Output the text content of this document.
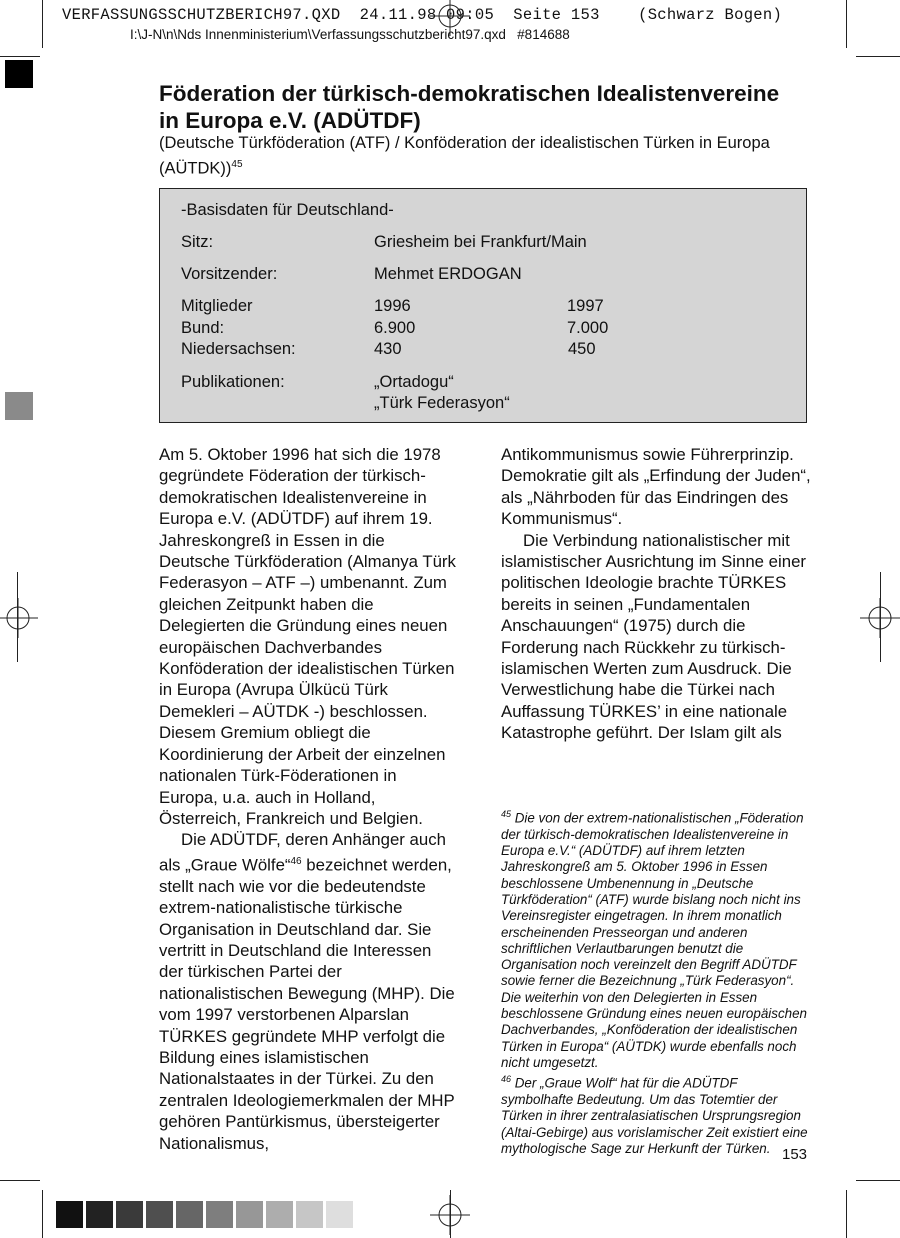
VERFASSUNGSSCHUTZBERICH97.QXD  24.11.98 09:05  Seite 153    (Schwarz Bogen)
I:\J-N\n\Nds Innenministerium\Verfassungsschutzbericht97.qxd   #814688
Föderation der türkisch-demokratischen Idealistenvereine
in Europa e.V. (ADÜTDF)
(Deutsche Türkföderation (ATF) / Konföderation der idealistischen Türken in Europa
(AÜTDK))$^{45}$
-Basisdaten für Deutschland-
Sitz:	Griesheim bei Frankfurt/Main
Vorsitzender:	Mehmet ERDOGAN
Mitglieder	1996	1997
Bund:	6.900	7.000
Niedersachsen:	430	450
Publikationen:	„Ortadogu“
„Türk Federasyon“

Am 5. Oktober 1996 hat sich die 1978 gegründete Föderation der türkisch-demokratischen Idealistenvereine in Europa e.V. (ADÜTDF) auf ihrem 19. Jahreskongreß in Essen in die Deutsche Türkföderation (Almanya Türk Federasyon – ATF –) umbenannt. Zum gleichen Zeitpunkt haben die Delegierten die Gründung eines neuen europäischen Dachverbandes Konföderation der idealistischen Türken in Europa (Avrupa Ülkücü Türk Demekleri – AÜTDK -) beschlossen. Diesem Gremium obliegt die Koordinierung der Arbeit der einzelnen nationalen Türk-Föderationen in Europa, u.a. auch in Holland, Österreich, Frankreich und Belgien.

Die ADÜTDF, deren Anhänger auch als „Graue Wölfe“$^{46}$ bezeichnet werden, stellt nach wie vor die bedeutendste extrem-nationalistische türkische Organisation in Deutschland dar. Sie vertritt in Deutschland die Interessen der türkischen Partei der nationalistischen Bewegung (MHP). Die vom 1997 verstorbenen Alparslan TÜRKES gegründete MHP verfolgt die Bildung eines islamistischen Nationalstaates in der Türkei. Zu den zentralen Ideologiemerkmalen der MHP gehören Pantürkismus, übersteigerter Nationalismus,

Antikommunismus sowie Führerprinzip. Demokratie gilt als „Erfindung der Juden“, als „Nährboden für das Eindringen des Kommunismus“.

Die Verbindung nationalistischer mit islamistischer Ausrichtung im Sinne einer politischen Ideologie brachte TÜRKES bereits in seinen „Fundamentalen Anschauungen“ (1975) durch die Forderung nach Rückkehr zu türkisch-islamischen Werten zum Ausdruck. Die Verwestlichung habe die Türkei nach Auffassung TÜRKES’ in eine nationale Katastrophe geführt. Der Islam gilt als

$^{45}$ Die von der extrem-nationalistischen „Föderation der türkisch-demokratischen Idealistenvereine in Europa e.V.“ (ADÜTDF) auf ihrem letzten Jahreskongreß am 5. Oktober 1996 in Essen beschlossene Umbenennung in „Deutsche Türkföderation“ (ATF) wurde bislang noch nicht ins Vereinsregister eingetragen. In ihrem monatlich erscheinenden Presseorgan und anderen schriftlichen Verlautbarungen benutzt die Organisation noch vereinzelt den Begriff ADÜTDF sowie ferner die Bezeichnung „Türk Federasyon“. Die weiterhin von den Delegierten in Essen beschlossene Gründung eines neuen europäischen Dachverbandes, „Konföderation der idealistischen Türken in Europa“ (AÜTDK) wurde ebenfalls noch nicht umgesetzt.

$^{46}$ Der „Graue Wolf“ hat für die ADÜTDF symbolhafte Bedeutung. Um das Totemtier der Türken in ihrer zentralasiatischen Ursprungsregion (Altai-Gebirge) aus vorislamischer Zeit existiert eine mythologische Sage zur Herkunft der Türken. 153
